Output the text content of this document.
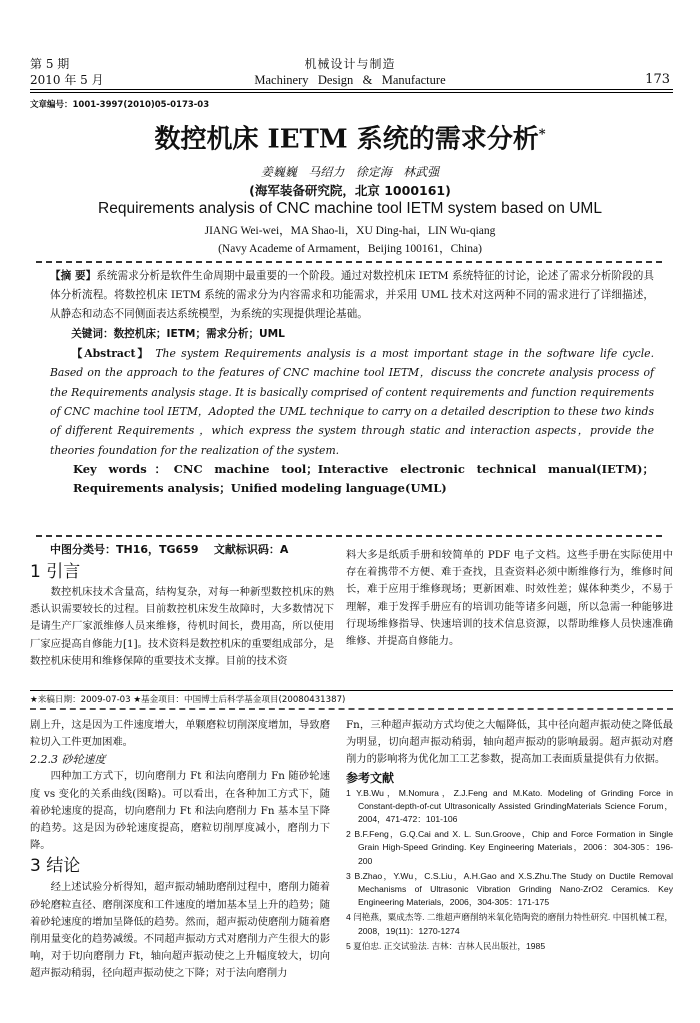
第 5 期
2010 年 5 月
机械设计与制造
Machinery   Design   &   Manufacture	173
文章编号：1001-3997(2010)05-0173-03
数控机床 IETM 系统的需求分析*
姜巍巍   马绍力   徐定海   林武强
(海军装备研究院，北京 1000161)
Requirements analysis of CNC machine tool IETM system based on UML
JIANG Wei-wei，MA Shao-li，XU Ding-hai，LIN Wu-qiang
(Navy Academe of Armament，Beijing 100161，China)
【摘 要】系统需求分析是软件生命周期中最重要的一个阶段。通过对数控机床 IETM 系统特征的讨论，论述了需求分析阶段的具体分析流程。将数控机床 IETM 系统的需求分为内容需求和功能需求，并采用 UML 技术对这两种不同的需求进行了详细描述，从静态和动态不同侧面表达系统模型，为系统的实现提供理论基础。
关键词：数控机床；IETM；需求分析；UML
【Abstract】 The system Requirements analysis is a most important stage in the software life cycle. Based on the approach to the features of CNC machine tool IETM，discuss the concrete analysis process of the Requirements analysis stage. It is basically comprised of content requirements and function requirements of CNC machine tool IETM，Adopted the UML technique to carry on a detailed description to these two kinds of different Requirements ，which express the system through static and interaction aspects，provide the theories foundation for the realization of the system.
Key words：CNC machine tool；Interactive electronic technical manual(IETM)；Requirements analysis；Unified modeling language(UML)
中图分类号：TH16，TG659    文献标识码：A
1 引言

数控机床技术含量高，结构复杂，对每一种新型数控机床的熟悉认识需要较长的过程。目前数控机床发生故障时，大多数情况下是请生产厂家派维修人员来维修，待机时间长，费用高，所以使用厂家应提高自修能力[1]。技术资料是数控机床的重要组成部分，是数控机床使用和维修保障的重要技术支撑。目前的技术资

料大多是纸质手册和较简单的 PDF 电子文档。这些手册在实际使用中存在着携带不方便、难于查找，且查资料必须中断维修行为，维修时间长，难于应用于维修现场；更新困难、时效性差；媒体种类少，不易于理解，难于发挥手册应有的培训功能等诸多问题，所以急需一种能够进行现场维修指导、快速培训的技术信息资源，以帮助维修人员快速准确维修、并提高自修能力。

★来稿日期：2009-07-03 ★基金项目：中国博士后科学基金项目(20080431387)

剧上升，这是因为工件速度增大，单颗磨粒切削深度增加，导致磨粒切入工件更加困难。

2.2.3 砂轮速度

四种加工方式下，切向磨削力 Ft 和法向磨削力 Fn 随砂轮速度 vs 变化的关系曲线(图略)。可以看出，在各种加工方式下，随着砂轮速度的提高，切向磨削力 Ft 和法向磨削力 Fn 基本呈下降的趋势。这是因为砂轮速度提高，磨粒切削厚度减小，磨削力下降。

3 结论

经上述试验分析得知，超声振动辅助磨削过程中，磨削力随着砂轮磨粒直径、磨削深度和工件速度的增加基本呈上升的趋势；随着砂轮速度的增加呈降低的趋势。然而，超声振动使磨削力随着磨削用量变化的趋势减缓。不同超声振动方式对磨削力产生很大的影响，对于切向磨削力 Ft，轴向超声振动使之上升幅度较大，切向超声振动稍弱，径向超声振动使之下降；对于法向磨削力

Fn，三种超声振动方式均使之大幅降低，其中径向超声振动使之降低最为明显，切向超声振动稍弱，轴向超声振动的影响最弱。超声振动对磨削力的影响将为优化加工工艺参数，提高加工表面质量提供有力依据。

参考文献
1 Y.B.Wu，M.Nomura，Z.J.Feng and M.Kato. Modeling of Grinding Force in Constant-depth-of-cut Ultrasonically Assisted GrindingMaterials Science Forum，2004，471-472：101-106
2 B.F.Feng，G.Q.Cai and X. L. Sun.Groove，Chip and Force Formation in Single Grain High-Speed Grinding. Key Engineering Materials，2006：304-305：196-200
3 B.Zhao，Y.Wu，C.S.Liu，A.H.Gao and X.S.Zhu.The Study on Ductile Removal Mechanisms of Ultrasonic Vibration Grinding Nano-ZrO2 Ceramics. Key Engineering Materials，2006，304-305：171-175
4 闫艳燕，粟成杰等. 二维超声磨削纳米氧化锆陶瓷的磨削力特性研究. 中国机械工程，2008，19(11)：1270-1274
5 夏伯忠. 正交试验法. 吉林：吉林人民出版社，1985
